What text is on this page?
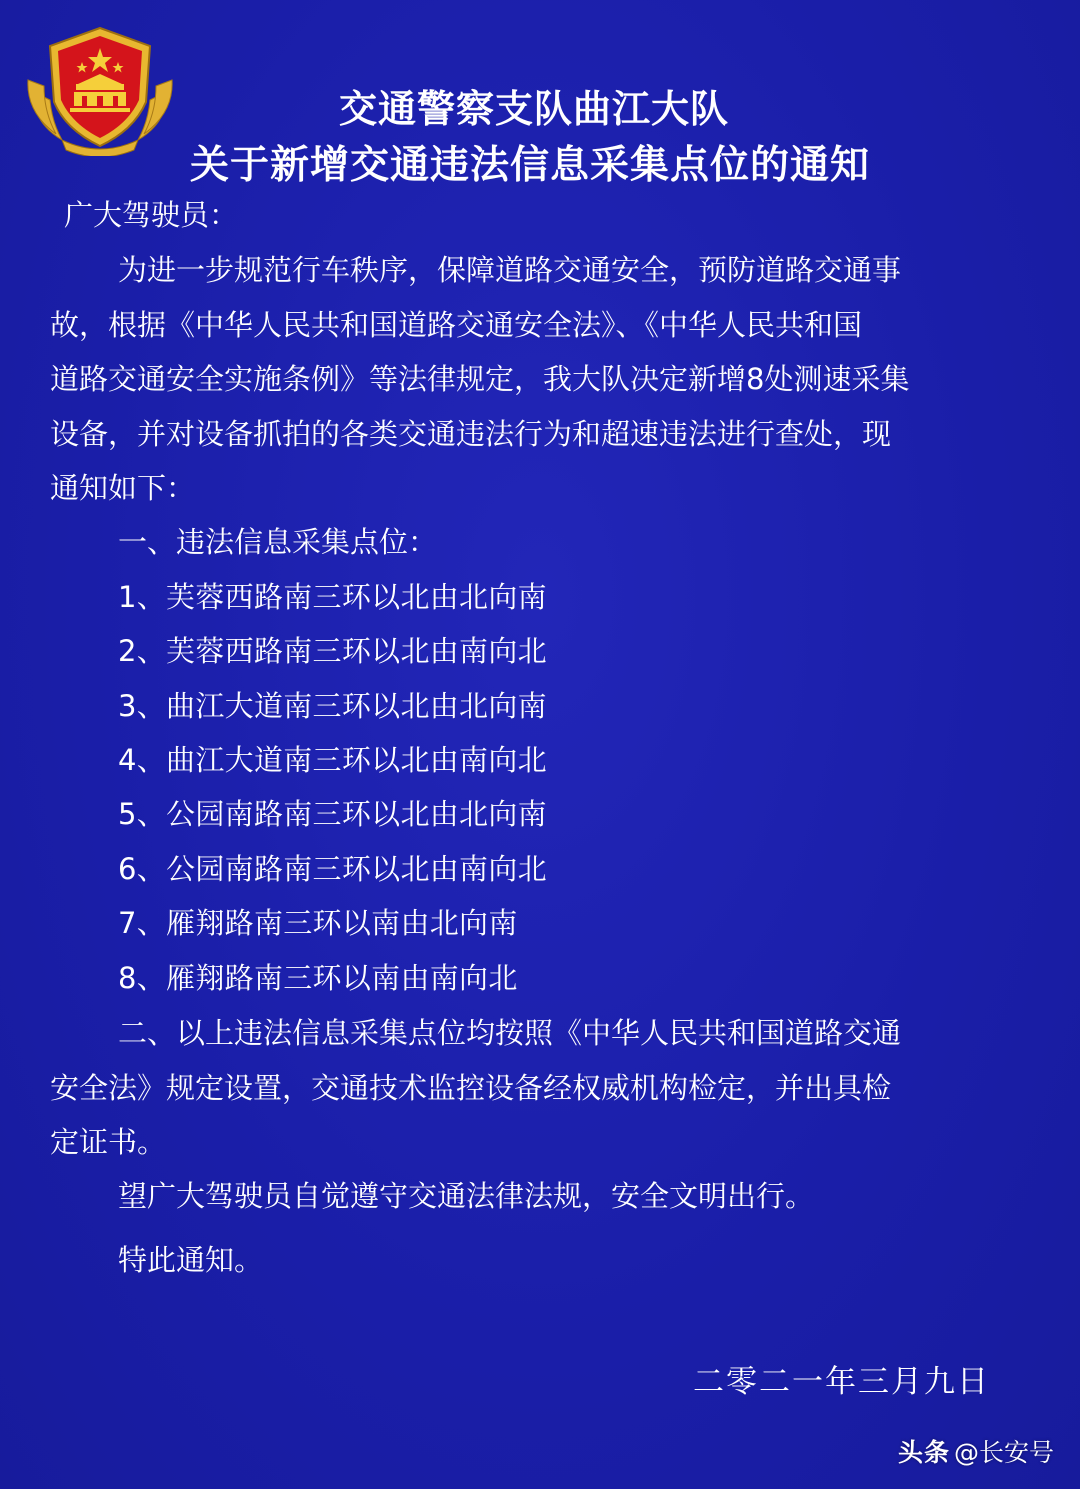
交通警察支队曲江大队
关于新增交通违法信息采集点位的通知
广大驾驶员：
为进一步规范行车秩序，保障道路交通安全，预防道路交通事
故，根据《中华人民共和国道路交通安全法》、《中华人民共和国
道路交通安全实施条例》等法律规定，我大队决定新增8处测速采集
设备，并对设备抓拍的各类交通违法行为和超速违法进行查处，现
通知如下：
一、违法信息采集点位：
1、芙蓉西路南三环以北由北向南
2、芙蓉西路南三环以北由南向北
3、曲江大道南三环以北由北向南
4、曲江大道南三环以北由南向北
5、公园南路南三环以北由北向南
6、公园南路南三环以北由南向北
7、雁翔路南三环以南由北向南
8、雁翔路南三环以南由南向北
二、以上违法信息采集点位均按照《中华人民共和国道路交通
安全法》规定设置，交通技术监控设备经权威机构检定，并出具检
定证书。
望广大驾驶员自觉遵守交通法律法规，安全文明出行。
特此通知。
二零二一年三月九日
头条 @长安号
